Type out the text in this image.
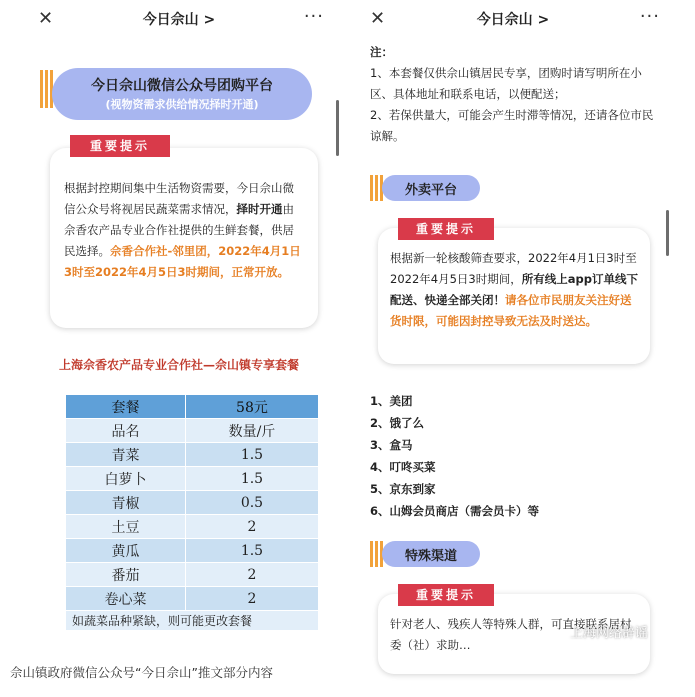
✕	今日佘山 >	···
今日佘山微信公众号团购平台
(视物资需求供给情况择时开通)
根据封控期间集中生活物资需要，今日佘山微信公众号将视居民蔬菜需求情况，择时开通由佘香农产品专业合作社提供的生鲜套餐，供居民选择。佘香合作社-邻里团，2022年4月1日3时至2022年4月5日3时期间，正常开放。
重要提示
上海佘香农产品专业合作社—佘山镇专享套餐
套餐	58元
品名	数量/斤
青菜	1.5
白萝卜	1.5
青椒	0.5
土豆	2
黄瓜	1.5
番茄	2
卷心菜	2
如蔬菜品种紧缺，则可能更改套餐	
✕	今日佘山 >	···
注：
1、本套餐仅供佘山镇居民专享，团购时请写明所在小区、具体地址和联系电话，以便配送；
2、若保供量大，可能会产生时滞等情况，还请各位市民谅解。
外卖平台
根据新一轮核酸筛查要求，2022年4月1日3时至2022年4月5日3时期间，所有线上app订单线下配送、快递全部关闭！请各位市民朋友关注好送货时限，可能因封控导致无法及时送达。
重要提示
1、美团
2、饿了么
3、盒马
4、叮咚买菜
5、京东到家
6、山姆会员商店（需会员卡）等
特殊渠道
针对老人、残疾人等特殊人群，可直接联系居村委（社）求助…
重要提示
上海网络辟谣
佘山镇政府微信公众号“今日佘山”推文部分内容
